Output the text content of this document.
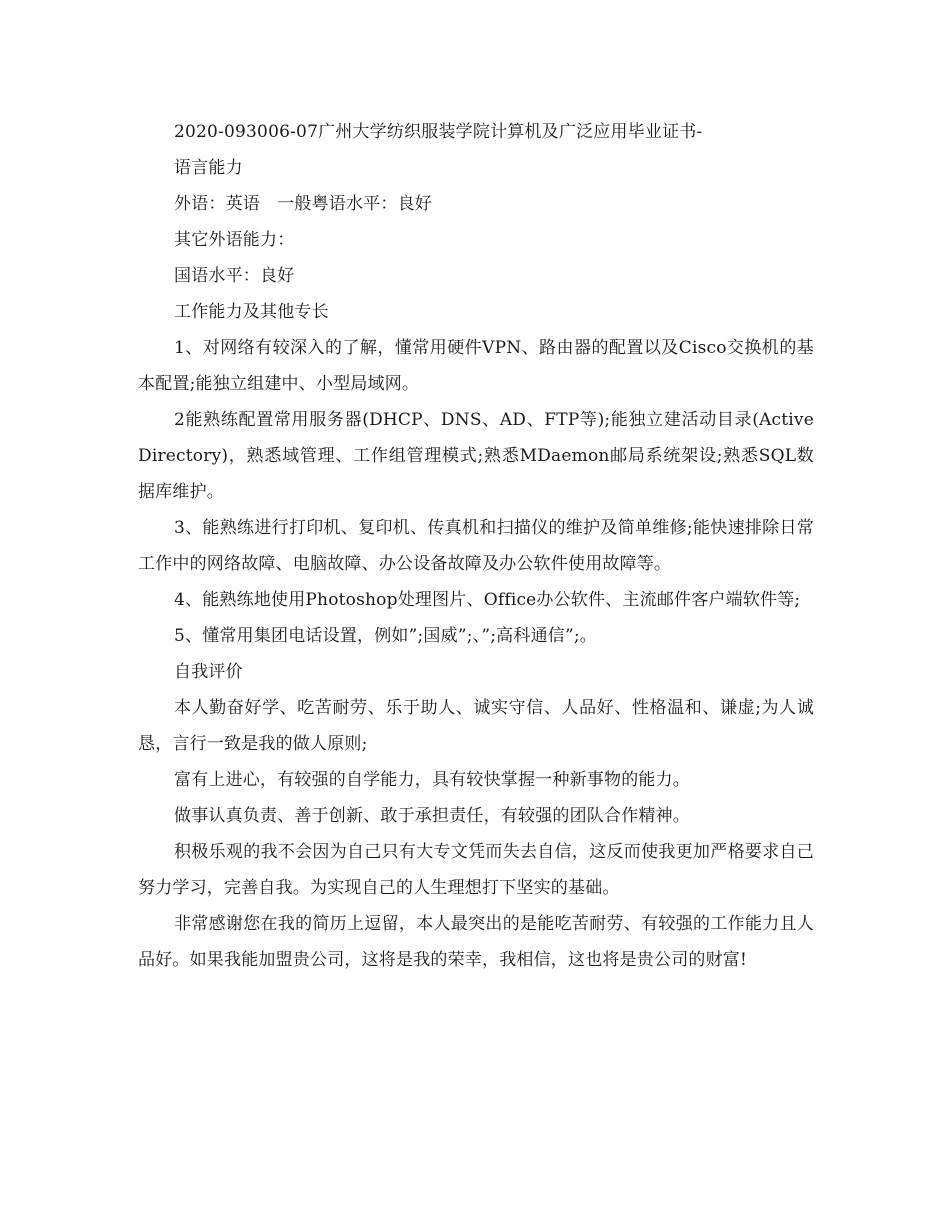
2020-093006-07广州大学纺织服装学院计算机及广泛应用毕业证书-

语言能力

外语：英语　一般粤语水平：良好

其它外语能力：

国语水平：良好

工作能力及其他专长

1、对网络有较深入的了解，懂常用硬件VPN、路由器的配置以及Cisco交换机的基本配置;能独立组建中、小型局域网。

2能熟练配置常用服务器(DHCP、DNS、AD、FTP等);能独立建活动目录(Active Directory)，熟悉域管理、工作组管理模式;熟悉MDaemon邮局系统架设;熟悉SQL数据库维护。

3、能熟练进行打印机、复印机、传真机和扫描仪的维护及简单维修;能快速排除日常工作中的网络故障、电脑故障、办公设备故障及办公软件使用故障等。

4、能熟练地使用Photoshop处理图片、Office办公软件、主流邮件客户端软件等;

5、懂常用集团电话设置，例如”;国威”;、”;高科通信”;。

自我评价

本人勤奋好学、吃苦耐劳、乐于助人、诚实守信、人品好、性格温和、谦虚;为人诚恳，言行一致是我的做人原则;

富有上进心，有较强的自学能力，具有较快掌握一种新事物的能力。

做事认真负责、善于创新、敢于承担责任，有较强的团队合作精神。

积极乐观的我不会因为自己只有大专文凭而失去自信，这反而使我更加严格要求自己努力学习，完善自我。为实现自己的人生理想打下坚实的基础。

非常感谢您在我的简历上逗留，本人最突出的是能吃苦耐劳、有较强的工作能力且人品好。如果我能加盟贵公司，这将是我的荣幸，我相信，这也将是贵公司的财富!
